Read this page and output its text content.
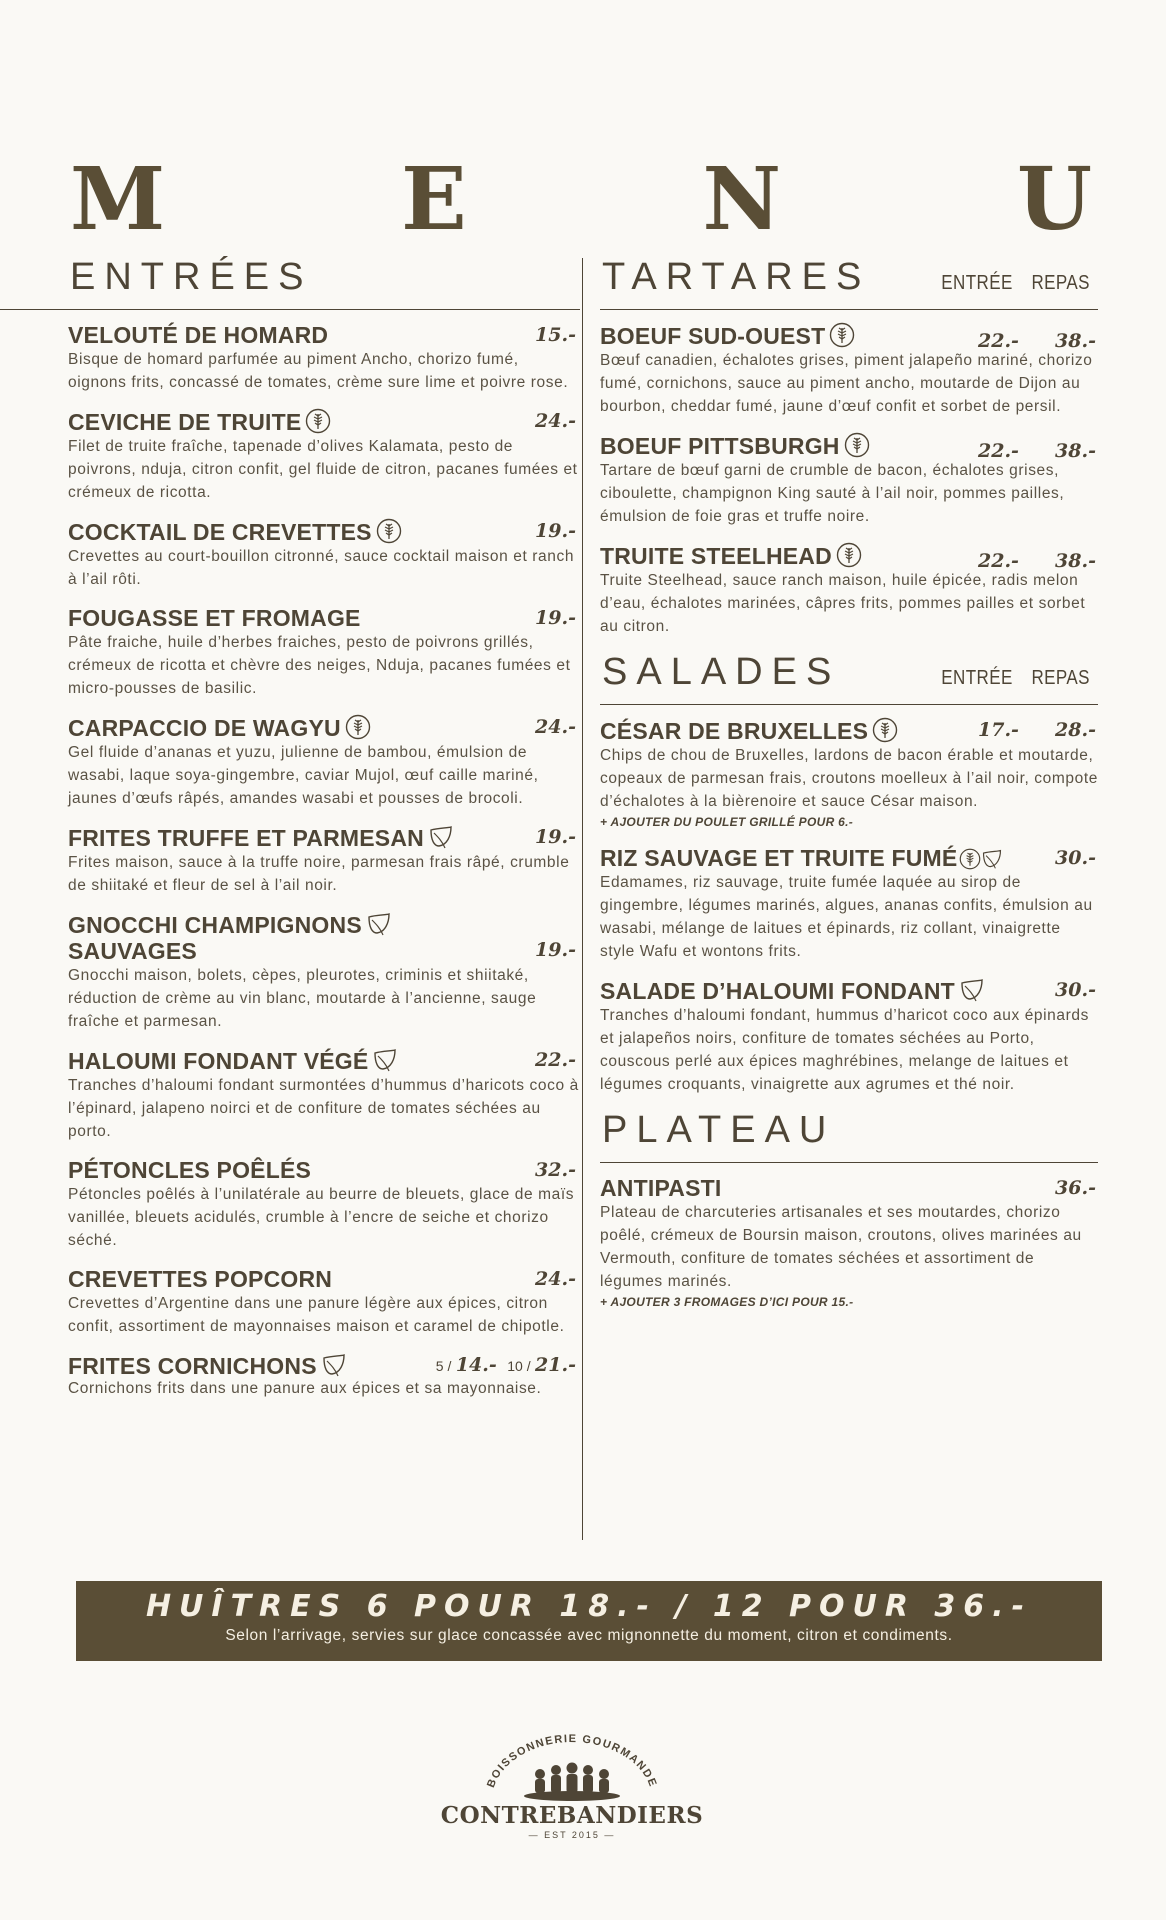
M	E	N	U
ENTRÉES
VELOUTÉ DE HOMARD	15.-
Bisque de homard parfumée au piment Ancho, chorizo fumé, oignons frits, concassé de tomates, crème sure lime et poivre rose.
CEVICHE DE TRUITE	24.-
Filet de truite fraîche, tapenade d’olives Kalamata, pesto de poivrons, nduja, citron confit, gel fluide de citron, pacanes fumées et crémeux de ricotta.
COCKTAIL DE CREVETTES	19.-
Crevettes au court-bouillon citronné, sauce cocktail maison et ranch à l’ail rôti.
FOUGASSE ET FROMAGE	19.-
Pâte fraiche, huile d’herbes fraiches, pesto de poivrons grillés, crémeux de ricotta et chèvre des neiges, Nduja, pacanes fumées et micro-pousses de basilic.
CARPACCIO DE WAGYU	24.-
Gel fluide d’ananas et yuzu, julienne de bambou, émulsion de wasabi, laque soya-gingembre, caviar Mujol, œuf caille mariné, jaunes d’œufs râpés, amandes wasabi et pousses de brocoli.
FRITES TRUFFE ET PARMESAN	19.-
Frites maison, sauce à la truffe noire, parmesan frais râpé, crumble de shiitaké et fleur de sel à l’ail noir.
GNOCCHI CHAMPIGNONS
SAUVAGES	19.-
Gnocchi maison, bolets, cèpes, pleurotes, criminis et shiitaké, réduction de crème au vin blanc, moutarde à l’ancienne, sauge fraîche et parmesan.
HALOUMI FONDANT VÉGÉ	22.-
Tranches d’haloumi fondant surmontées d’hummus d’haricots coco à l’épinard, jalapeno noirci et de confiture de tomates séchées au porto.
PÉTONCLES POÊLÉS	32.-
Pétoncles poêlés à l’unilatérale au beurre de bleuets, glace de maïs vanillée, bleuets acidulés, crumble à l’encre de seiche et chorizo séché.
CREVETTES POPCORN	24.-
Crevettes d’Argentine dans une panure légère aux épices, citron confit, assortiment de mayonnaises maison et caramel de chipotle.
FRITES CORNICHONS	5 / 14.- 10 / 21.-
Cornichons frits dans une panure aux épices et sa mayonnaise.
TARTARES	ENTRÉE REPAS
BOEUF SUD-OUEST	22.- 38.-
Bœuf canadien, échalotes grises, piment jalapeño mariné, chorizo fumé, cornichons, sauce au piment ancho, moutarde de Dijon au bourbon, cheddar fumé, jaune d’œuf confit et sorbet de persil.
BOEUF PITTSBURGH	22.- 38.-
Tartare de bœuf garni de crumble de bacon, échalotes grises, ciboulette, champignon King sauté à l’ail noir, pommes pailles, émulsion de foie gras et truffe noire.
TRUITE STEELHEAD	22.- 38.-
Truite Steelhead, sauce ranch maison, huile épicée, radis melon d’eau, échalotes marinées, câpres frits, pommes pailles et sorbet au citron.
SALADES	ENTRÉE REPAS
CÉSAR DE BRUXELLES	17.- 28.-
Chips de chou de Bruxelles, lardons de bacon érable et moutarde, copeaux de parmesan frais, croutons moelleux à l’ail noir, compote d’échalotes à la bièrenoire et sauce César maison.
+ AJOUTER DU POULET GRILLÉ POUR 6.-
RIZ SAUVAGE ET TRUITE FUMÉ	30.-
Edamames, riz sauvage, truite fumée laquée au sirop de gingembre, légumes marinés, algues, ananas confits, émulsion au wasabi, mélange de laitues et épinards, riz collant, vinaigrette style Wafu et wontons frits.
SALADE D’HALOUMI FONDANT	30.-
Tranches d’haloumi fondant, hummus d’haricot coco aux épinards et jalapeños noirs, confiture de tomates séchées au Porto, couscous perlé aux épices maghrébines, melange de laitues et légumes croquants, vinaigrette aux agrumes et thé noir.
PLATEAU
ANTIPASTI	36.-
Plateau de charcuteries artisanales et ses moutardes, chorizo poêlé, crémeux de Boursin maison, croutons, olives marinées au Vermouth, confiture de tomates séchées et assortiment de légumes marinés.
+ AJOUTER 3 FROMAGES D’ICI POUR 15.-
HUÎTRES 6 POUR 18.- / 12 POUR 36.-
Selon l’arrivage, servies sur glace concassée avec mignonnette du moment, citron et condiments.
BOISSONNERIE GOURMANDE
CONTREBANDIERS
— EST 2015 —
